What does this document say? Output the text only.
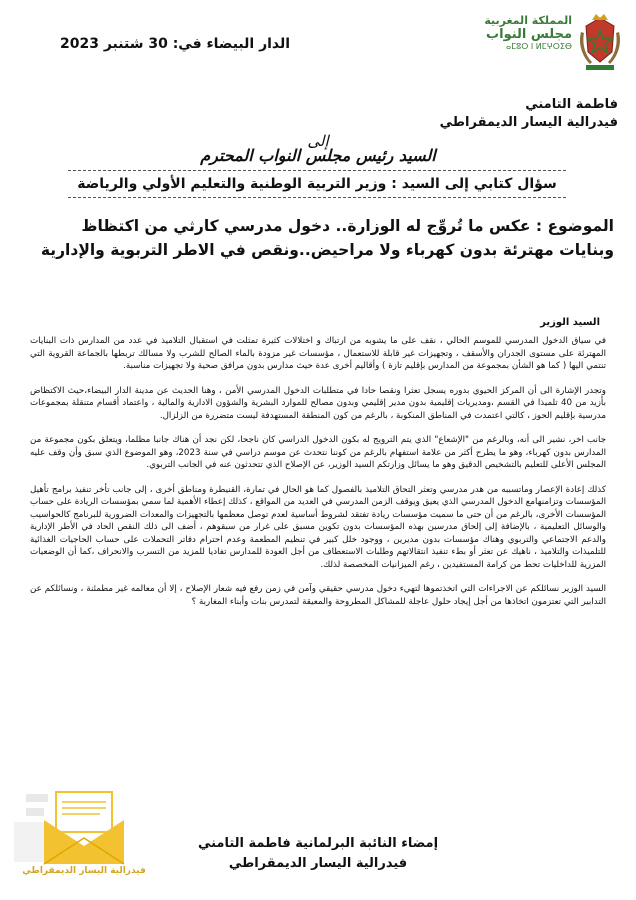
الدار البيضاء في: 30 شتنبر 2023
المملكة المغربية
مجلس النواب
ⴰⵎⵓⵔ ⵏ ⵍⵎⵖⵔⵉⴱ
فاطمة التامني
فيدرالية اليسار الديمقراطي
إلى
السيد رئيس مجلس النواب المحترم
سؤال كتابي إلى السيد : وزير التربية الوطنية والتعليم الأولي والرياضة
الموضوع : عكس ما تُروِّج له الوزارة.. دخول مدرسي كارثي من اكتظاظ وبنايات مهترئة بدون كهرباء ولا مراحيض..ونقص في الاطر التربوية والإدارية
السيد الوزير

في سياق الدخول المدرسي للموسم الحالي ، نقف على ما يشوبه من ارتباك و اختلالات كثيرة تمثلت في استقبال التلاميذ في عدد من المدارس ذات البنايات المهترئة على مستوى الجدران والأسقف ، وتجهيزات غير قابلة للاستعمال ، مؤسسات غير مزودة بالماء الصالح للشرب ولا مسالك تربطها بالجماعة القروية التي تنتمي اليها ( كما هو الشأن بمجموعة من المدارس بإقليم تازة ) وأقاليم أخرى عدة حيث مدارس بدون مرافق صحية ولا تجهيزات مناسبة.

وتجدر الإشارة الى أن المركز الحيوي بدوره يسجل تعثرا ونقصا حادا في متطلبات الدخول المدرسي الأمن ، وهنا الحديث عن مدينة الدار البيضاء،حيث الاكتظاض بأزيد من 40 تلميذا في القسم ،ومديريات إقليمية بدون مدير إقليمي وبدون مصالح للموارد البشرية والشؤون الادارية والمالية ، واعتماد أقسام متنقلة بمجموعات مدرسية بإقليم الحوز ، كالتي اعتمدت في المناطق المنكوبة ، بالرغم من كون المنطقة المستهدفة ليست متضررة من الزلزال.

جانب اخر، نشير الى أنه، وبالرغم من "الإشعاع" الذي يتم الترويج له بكون الدخول الدراسي كان ناجحا، لكن نجد أن هناك جانبا مظلما، ويتعلق بكون مجموعة من المدارس بدون كهرباء، وهو ما يطرح أكثر من علامة استفهام بالرغم من كوننا نتحدث عن موسم دراسي في سنة 2023، وهو الموضوع الذي سبق وأن وقف عليه المجلس الأعلى للتعليم بالتشخيص الدقيق وهو ما يسائل وزارتكم السيد الوزير، عن الإصلاح الذي تتحدثون عنه في الجانب التربوي.

كذلك إعادة الإعصار وماتسببه من هدر مدرسي وتعثر التحاق التلاميذ بالفصول كما هو الحال في تمارة، القنيطرة ومناطق أخرى ، إلى جانب تأخر تنفيذ برامج تأهيل المؤسسات وتزامنهامع الدخول المدرسي الذي يعيق ويوقف الزمن المدرسي في العديد من المواقع ، كذلك إعطاء الأهمية لما سمي بمؤسسات الريادة على حساب المؤسسات الأخرى، بالرغم من أن حتى ما سميت مؤسسات ريادة تفتقد لشروط أساسية لعدم توصل معظمها بالتجهيزات والمعدات الضرورية للبرنامج كالحواسيب والوسائل التعليمية ، بالإضافة إلى إلحاق مدرسين بهذه المؤسسات بدون تكوين مسبق على غرار من سبقوهم ، أضف الى ذلك النقص الحاد في الأطر الإدارية والدعم الاجتماعي والتربوي وهناك مؤسسات بدون مديرين ، ووجود خلل كبير في تنظيم المطعمة وعدم احترام دفاتر التحملات على حساب الحاجيات الغذائية للتلميذات والتلاميذ ، ناهيك عن تعثر أو بطء تنفيذ انتقالاتهم وطلبات الاستعطاف من أجل العودة للمدارس تفاديا للمزيد من التسرب والانحراف ،كما أن الوضعيات المزرية للداخليات تحط من كرامة المستفيدين ، رغم الميزانيات المخصصة لذلك.

السيد الوزير نسائلكم عن الاجراءات التي اتخذتموها لتهيء دخول مدرسي حقيقي وآمن في زمن رفع فيه شعار الإصلاح ، إلا أن معالمه غير مطمئنة ، ونسائلكم عن التدابير التي تعتزمون اتخاذها من أجل إيجاد حلول عاجلة للمشاكل المطروحة والمعيقة لتمدرس بنات وأبناء المغاربة ؟

فيدرالية اليسار الديمقراطي
إمضاء النائبة البرلمانية فاطمة التامني
فيدرالية اليسار الديمقراطي
